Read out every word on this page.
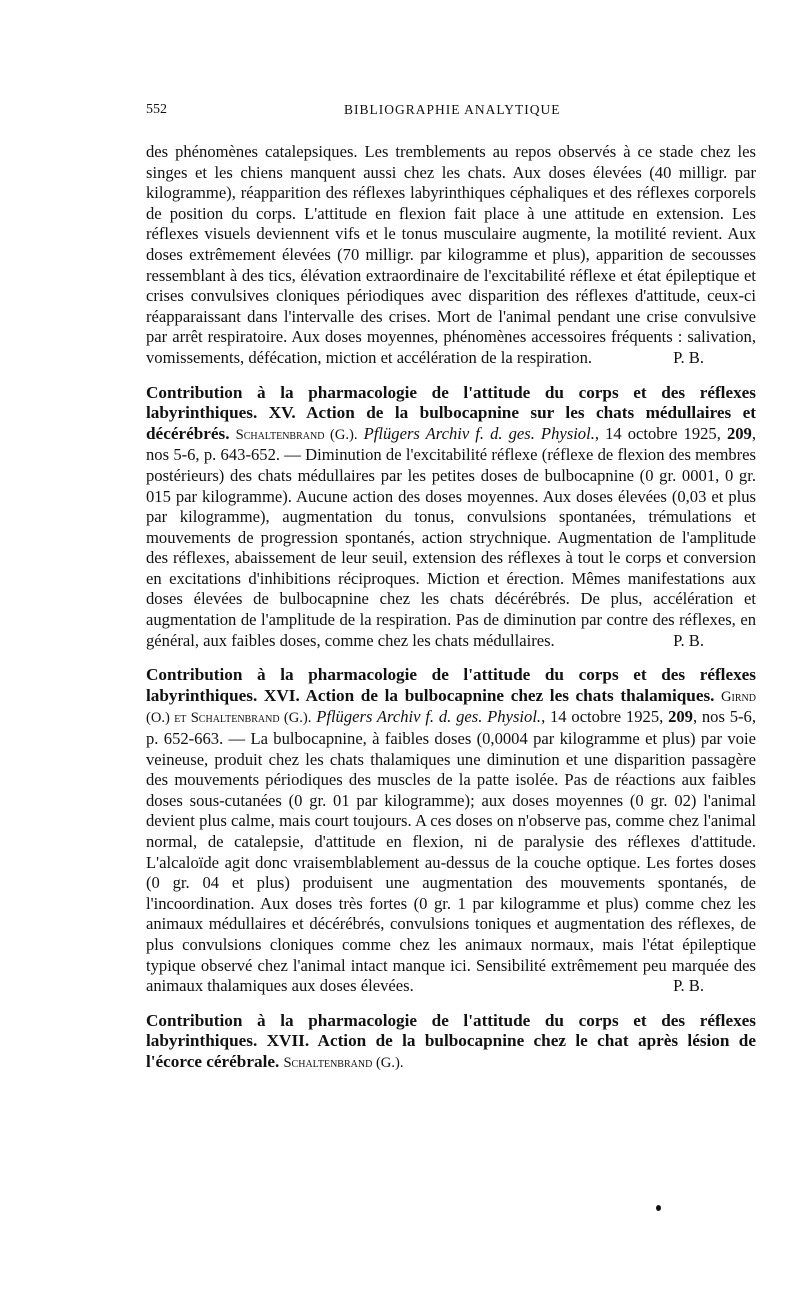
552	BIBLIOGRAPHIE ANALYTIQUE

des phénomènes catalepsiques. Les tremblements au repos observés à ce stade chez les singes et les chiens manquent aussi chez les chats. Aux doses élevées (40 milligr. par kilogramme), réapparition des réflexes labyrinthiques céphaliques et des réflexes corporels de position du corps. L'attitude en flexion fait place à une attitude en extension. Les réflexes visuels deviennent vifs et le tonus musculaire augmente, la motilité revient. Aux doses extrêmement élevées (70 milligr. par kilogramme et plus), apparition de secousses ressemblant à des tics, élévation extraordinaire de l'excitabilité réflexe et état épileptique et crises convulsives cloniques périodiques avec disparition des réflexes d'attitude, ceux-ci réapparaissant dans l'intervalle des crises. Mort de l'animal pendant une crise convulsive par arrêt respiratoire. Aux doses moyennes, phénomènes accessoires fréquents : salivation, vomissements, défécation, miction et accélération de la respiration.	P. B.

Contribution à la pharmacologie de l'attitude du corps et des réflexes labyrinthiques. XV. Action de la bulbocapnine sur les chats médullaires et décérébrés. Schaltenbrand (G.). Pflügers Archiv f. d. ges. Physiol., 14 octobre 1925, 209, nos 5-6, p. 643-652. — Diminution de l'excitabilité réflexe (réflexe de flexion des membres postérieurs) des chats médullaires par les petites doses de bulbocapnine (0 gr. 0001, 0 gr. 015 par kilogramme). Aucune action des doses moyennes. Aux doses élevées (0,03 et plus par kilogramme), augmentation du tonus, convulsions spontanées, trémulations et mouvements de progression spontanés, action strychnique. Augmentation de l'amplitude des réflexes, abaissement de leur seuil, extension des réflexes à tout le corps et conversion en excitations d'inhibitions réciproques. Miction et érection. Mêmes manifestations aux doses élevées de bulbocapnine chez les chats décérébrés. De plus, accélération et augmentation de l'amplitude de la respiration. Pas de diminution par contre des réflexes, en général, aux faibles doses, comme chez les chats médullaires.	P. B.

Contribution à la pharmacologie de l'attitude du corps et des réflexes labyrinthiques. XVI. Action de la bulbocapnine chez les chats thalamiques. Girnd (O.) et Schaltenbrand (G.). Pflügers Archiv f. d. ges. Physiol., 14 octobre 1925, 209, nos 5-6, p. 652-663. — La bulbocapnine, à faibles doses (0,0004 par kilogramme et plus) par voie veineuse, produit chez les chats thalamiques une diminution et une disparition passagère des mouvements périodiques des muscles de la patte isolée. Pas de réactions aux faibles doses sous-cutanées (0 gr. 01 par kilogramme); aux doses moyennes (0 gr. 02) l'animal devient plus calme, mais court toujours. A ces doses on n'observe pas, comme chez l'animal normal, de catalepsie, d'attitude en flexion, ni de paralysie des réflexes d'attitude. L'alcaloïde agit donc vraisemblablement au-dessus de la couche optique. Les fortes doses (0 gr. 04 et plus) produisent une augmentation des mouvements spontanés, de l'incoordination. Aux doses très fortes (0 gr. 1 par kilogramme et plus) comme chez les animaux médullaires et décérébrés, convulsions toniques et augmentation des réflexes, de plus convulsions cloniques comme chez les animaux normaux, mais l'état épileptique typique observé chez l'animal intact manque ici. Sensibilité extrêmement peu marquée des animaux thalamiques aux doses élevées.	P. B.

Contribution à la pharmacologie de l'attitude du corps et des réflexes labyrinthiques. XVII. Action de la bulbocapnine chez le chat après lésion de l'écorce cérébrale. Schaltenbrand (G.).
